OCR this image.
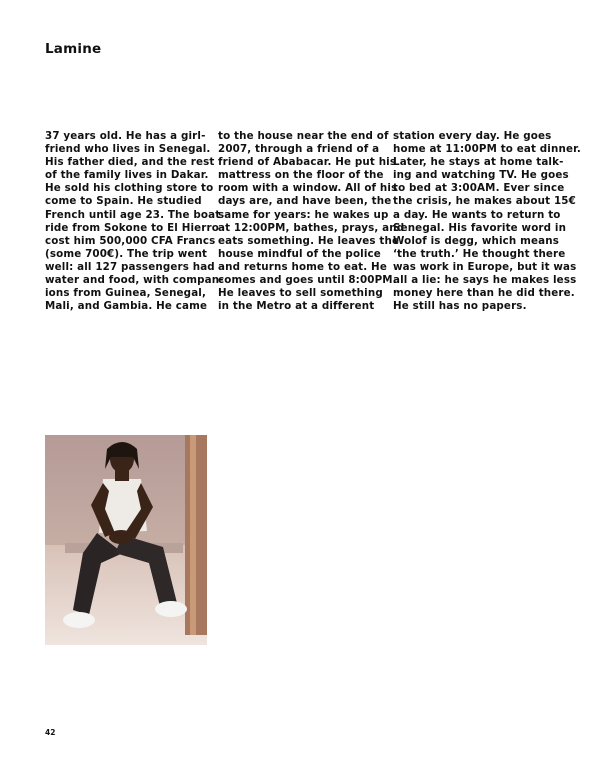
Lamine
37 years old. He has a girl-
friend who lives in Senegal.
His father died, and the rest
of the family lives in Dakar.
He sold his clothing store to
come to Spain. He studied
French until age 23. The boat
ride from Sokone to El Hierro
cost him 500,000 CFA Francs
(some 700€). The trip went
well: all 127 passengers had
water and food, with compan-
ions from Guinea, Senegal,
Mali, and Gambia. He came
to the house near the end of
2007, through a friend of a
friend of Ababacar. He put his
mattress on the floor of the
room with a window. All of his
days are, and have been, the
same for years: he wakes up
at 12:00PM, bathes, prays, and
eats something. He leaves the
house mindful of the police
and returns home to eat. He
comes and goes until 8:00PM.
He leaves to sell something
in the Metro at a different
station every day. He goes
home at 11:00PM to eat dinner.
Later, he stays at home talk-
ing and watching TV. He goes
to bed at 3:00AM. Ever since
the crisis, he makes about 15€
a day. He wants to return to
Senegal. His favorite word in
Wolof is degg, which means
‘the truth.’ He thought there
was work in Europe, but it was
all a lie: he says he makes less
money here than he did there.
He still has no papers.
42
